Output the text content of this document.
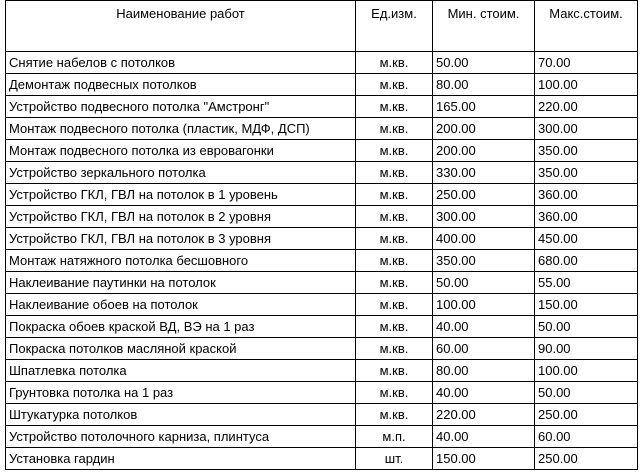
Наименование работ	Ед.изм.	Мин. стоим.	Макс.стоим.
Снятие набелов с потолков	м.кв.	50.00	70.00
Демонтаж подвесных потолков	м.кв.	80.00	100.00
Устройство подвесного потолка "Амстронг"	м.кв.	165.00	220.00
Монтаж подвесного потолка (пластик, МДФ, ДСП)	м.кв.	200.00	300.00
Монтаж подвесного потолка из евровагонки	м.кв.	200.00	350.00
Устройство зеркального потолка	м.кв.	330.00	350.00
Устройство ГКЛ, ГВЛ на потолок в 1 уровень	м.кв.	250.00	360.00
Устройство ГКЛ, ГВЛ на потолок в 2 уровня	м.кв.	300.00	360.00
Устройство ГКЛ, ГВЛ на потолок в 3 уровня	м.кв.	400.00	450.00
Монтаж натяжного потолка бесшовного	м.кв.	350.00	680.00
Наклеивание паутинки на потолок	м.кв.	50.00	55.00
Наклеивание обоев на потолок	м.кв.	100.00	150.00
Покраска обоев краской ВД, ВЭ на 1 раз	м.кв.	40.00	50.00
Покраска потолков масляной краской	м.кв.	60.00	90.00
Шпатлевка потолка	м.кв.	80.00	100.00
Грунтовка потолка на 1 раз	м.кв.	40.00	50.00
Штукатурка потолков	м.кв.	220.00	250.00
Устройство потолочного карниза, плинтуса	м.п.	40.00	60.00
Установка гардин	шт.	150.00	250.00
